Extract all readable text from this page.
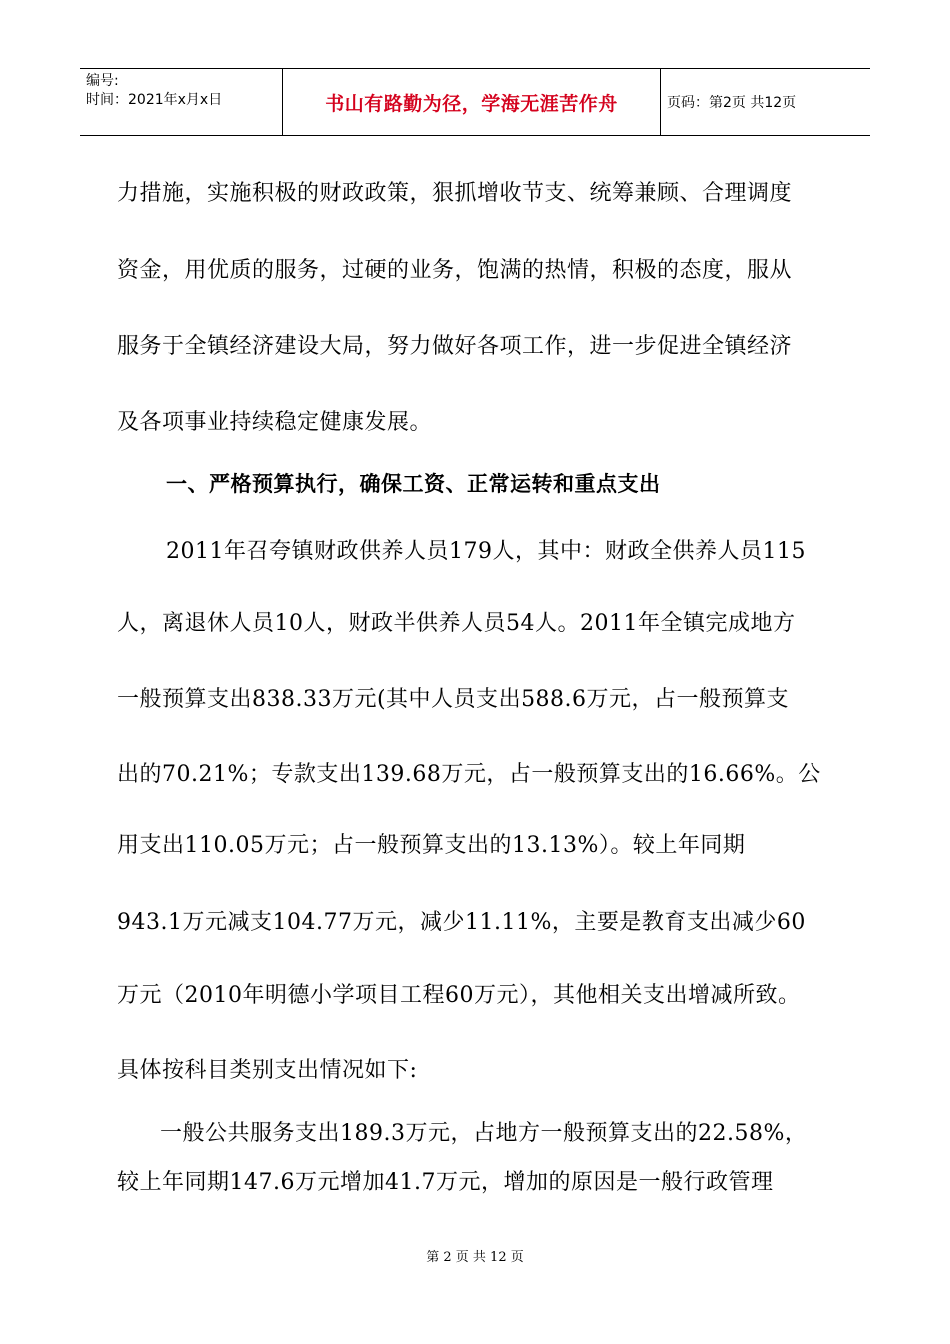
编号:
时间：2021年x月x日	书山有路勤为径，学海无涯苦作舟	页码：第2页 共12页
力措施，实施积极的财政政策，狠抓增收节支、统筹兼顾、合理调度
资金，用优质的服务，过硬的业务，饱满的热情，积极的态度，服从
服务于全镇经济建设大局，努力做好各项工作，进一步促进全镇经济
及各项事业持续稳定健康发展。
一、严格预算执行，确保工资、正常运转和重点支出
2011年召夸镇财政供养人员179人，其中：财政全供养人员115
人，离退休人员10人，财政半供养人员54人。2011年全镇完成地方
一般预算支出838.33万元(其中人员支出588.6万元，占一般预算支
出的70.21%；专款支出139.68万元，占一般预算支出的16.66%。公
用支出110.05万元；占一般预算支出的13.13%）。较上年同期
943.1万元减支104.77万元，减少11.11%，主要是教育支出减少60
万元（2010年明德小学项目工程60万元），其他相关支出增减所致。
具体按科目类别支出情况如下:
一般公共服务支出189.3万元，占地方一般预算支出的22.58%，
较上年同期147.6万元增加41.7万元，增加的原因是一般行政管理
第 2 页 共 12 页
